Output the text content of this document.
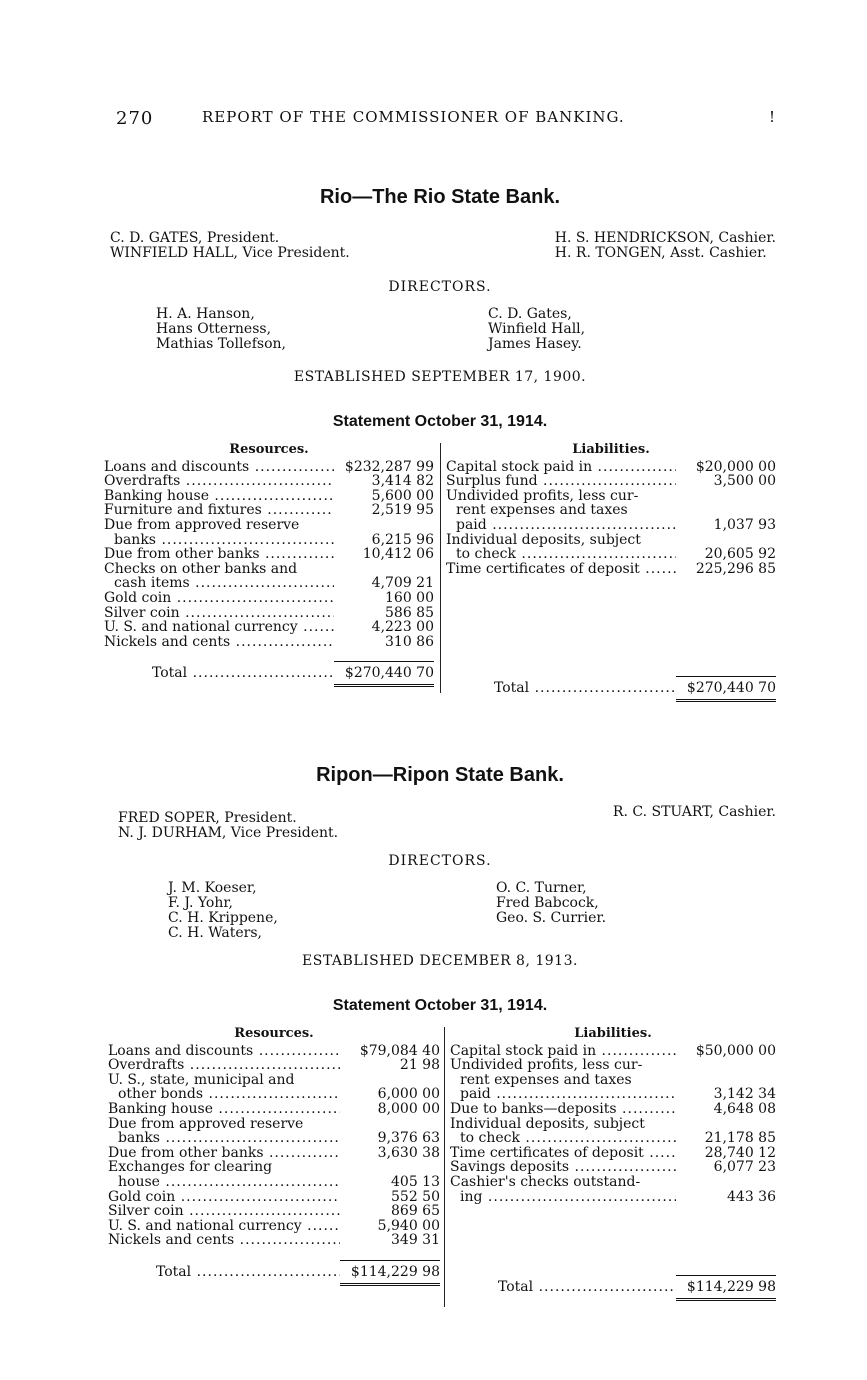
270	REPORT OF THE COMMISSIONER OF BANKING.	!
Rio—The Rio State Bank.
C. D. GATES, President.
WINFIELD HALL, Vice President.
H. S. HENDRICKSON, Cashier.
H. R. TONGEN, Asst. Cashier.
DIRECTORS.
H. A. Hanson,
Hans Otterness,
Mathias Tollefson,
C. D. Gates,
Winfield Hall,
James Hasey.
ESTABLISHED SEPTEMBER 17, 1900.
Statement October 31, 1914.
Resources.
Loans and discounts .....	$232,287 99
Overdrafts .....	3,414 82
Banking house .....	5,600 00
Furniture and fixtures .....	2,519 95
Due from approved reserve
banks .....	6,215 96
Due from other banks .....	10,412 06
Checks on other banks and
cash items .....	4,709 21
Gold coin .....	160 00
Silver coin .....	586 85
U. S. and national currency .....	4,223 00
Nickels and cents .....	310 86
Total .....	$270,440 70
Liabilities.
Capital stock paid in .....	$20,000 00
Surplus fund .....	3,500 00
Undivided profits, less cur-
rent expenses and taxes
paid .....	1,037 93
Individual deposits, subject
to check .....	20,605 92
Time certificates of deposit .....	225,296 85
Total .....	$270,440 70
Ripon—Ripon State Bank.
FRED SOPER, President.
N. J. DURHAM, Vice President.
R. C. STUART, Cashier.
DIRECTORS.
J. M. Koeser,
F. J. Yohr,
C. H. Krippene,
C. H. Waters,
O. C. Turner,
Fred Babcock,
Geo. S. Currier.
ESTABLISHED DECEMBER 8, 1913.
Statement October 31, 1914.
Resources.
Loans and discounts .....	$79,084 40
Overdrafts .....	21 98
U. S., state, municipal and
other bonds .....	6,000 00
Banking house .....	8,000 00
Due from approved reserve
banks .....	9,376 63
Due from other banks .....	3,630 38
Exchanges for clearing
house .....	405 13
Gold coin .....	552 50
Silver coin .....	869 65
U. S. and national currency .....	5,940 00
Nickels and cents .....	349 31
Total .....	$114,229 98
Liabilities.
Capital stock paid in .....	$50,000 00
Undivided profits, less cur-
rent expenses and taxes
paid .....	3,142 34
Due to banks—deposits .....	4,648 08
Individual deposits, subject
to check .....	21,178 85
Time certificates of deposit .....	28,740 12
Savings deposits .....	6,077 23
Cashier's checks outstand-
ing .....	443 36
Total .....	$114,229 98
